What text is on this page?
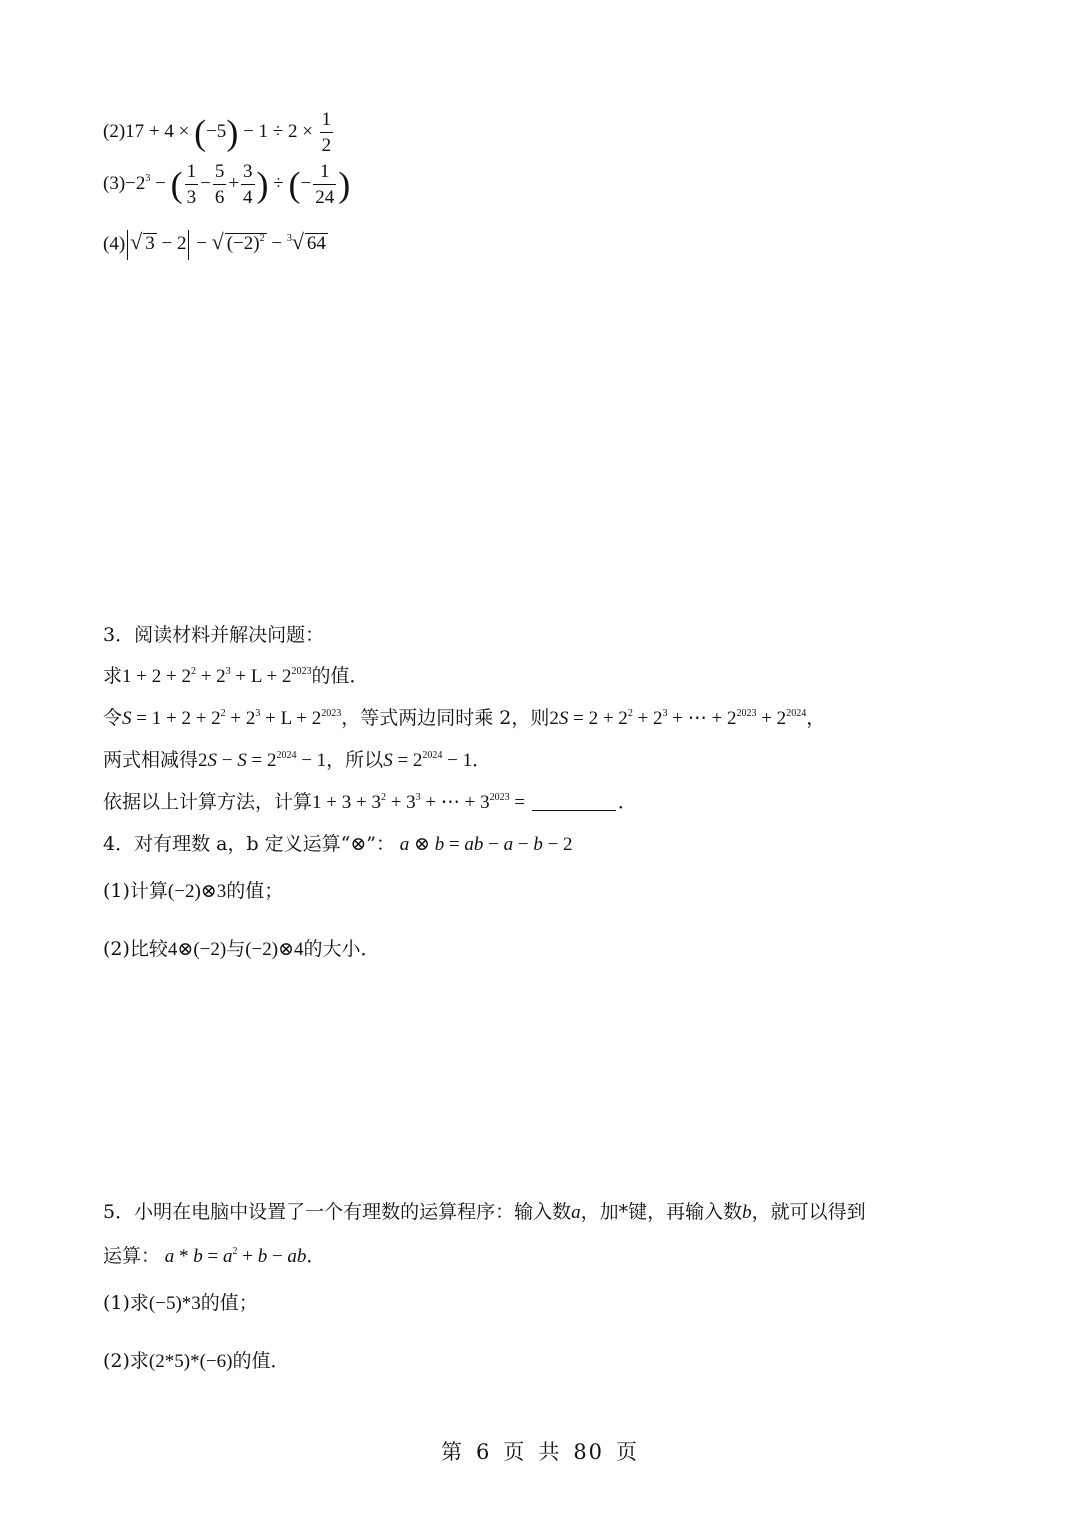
$(2)17 + 4 \times (-5) - 1 \div 2 \times \frac{1}{2}$
$(3)-2^3$ − ( $\frac{1}{3} - \frac{5}{6} + \frac{3}{4}$ ) ÷ (− $\frac{1}{24}$ )
(4) √ 3 − 2 − √ $(-2)^2 - ^3√$ 64
3．阅读材料并解决问题：
求$1 + 2 + 2^2 + 2^3 + L + 2^{2023}$的值．
令$S = 1 + 2 + 2^2 + 2^3 + L + 2^{2023}$，等式两边同时乘 2，则$2S = 2 + 2^2 + 2^3$ + ⋯ + $2^{2023} + 2^{2024}$，
两式相减得$2S - S = 2^{2024} - 1$，所以$S = 2^{2024} - 1$．
依据以上计算方法，计算$1 + 3 + 3^2 + 3^3$ + ⋯ + $3^{2023}$ =	．
4．对有理数 a，b 定义运算“⊗”： a ⊗ b = ab − a − b − 2
(1)计算(−2)⊗3的值；
(2)比较4⊗(−2)与(−2)⊗4的大小．
5．小明在电脑中设置了一个有理数的运算程序：输入数a，加*键，再输入数b，就可以得到
运算： $a * b = a^2 + b$ − ab．
(1)求(−5)*3的值；
(2)求(2*5)*(−6)的值．
第 6 页 共 80 页
